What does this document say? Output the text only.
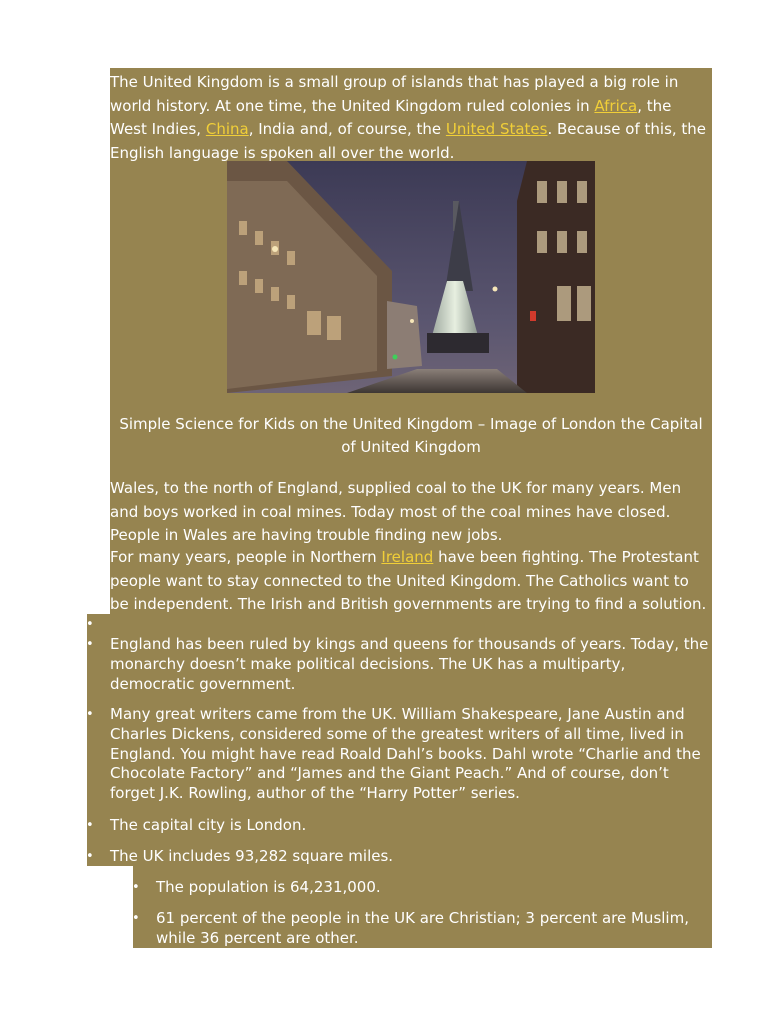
The United Kingdom is a small group of islands that has played a big role in world history. At one time, the United Kingdom ruled colonies in Africa, the West Indies, China, India and, of course, the United States. Because of this, the English language is spoken all over the world.

Simple Science for Kids on the United Kingdom – Image of London the Capital of United Kingdom

Wales, to the north of England, supplied coal to the UK for many years. Men and boys worked in coal mines. Today most of the coal mines have closed. People in Wales are having trouble finding new jobs.

For many years, people in Northern Ireland have been fighting. The Protestant people want to stay connected to the United Kingdom. The Catholics want to be independent. The Irish and British governments are trying to find a solution.

•
• England has been ruled by kings and queens for thousands of years. Today, the monarchy doesn’t make political decisions. The UK has a multiparty, democratic government.
• Many great writers came from the UK. William Shakespeare, Jane Austin and Charles Dickens, considered some of the greatest writers of all time, lived in England. You might have read Roald Dahl’s books. Dahl wrote “Charlie and the Chocolate Factory” and “James and the Giant Peach.” And of course, don’t forget J.K. Rowling, author of the “Harry Potter” series.
• The capital city is London.
• The UK includes 93,282 square miles.
• The population is 64,231,000.
• 61 percent of the people in the UK are Christian; 3 percent are Muslim, while 36 percent are other.
